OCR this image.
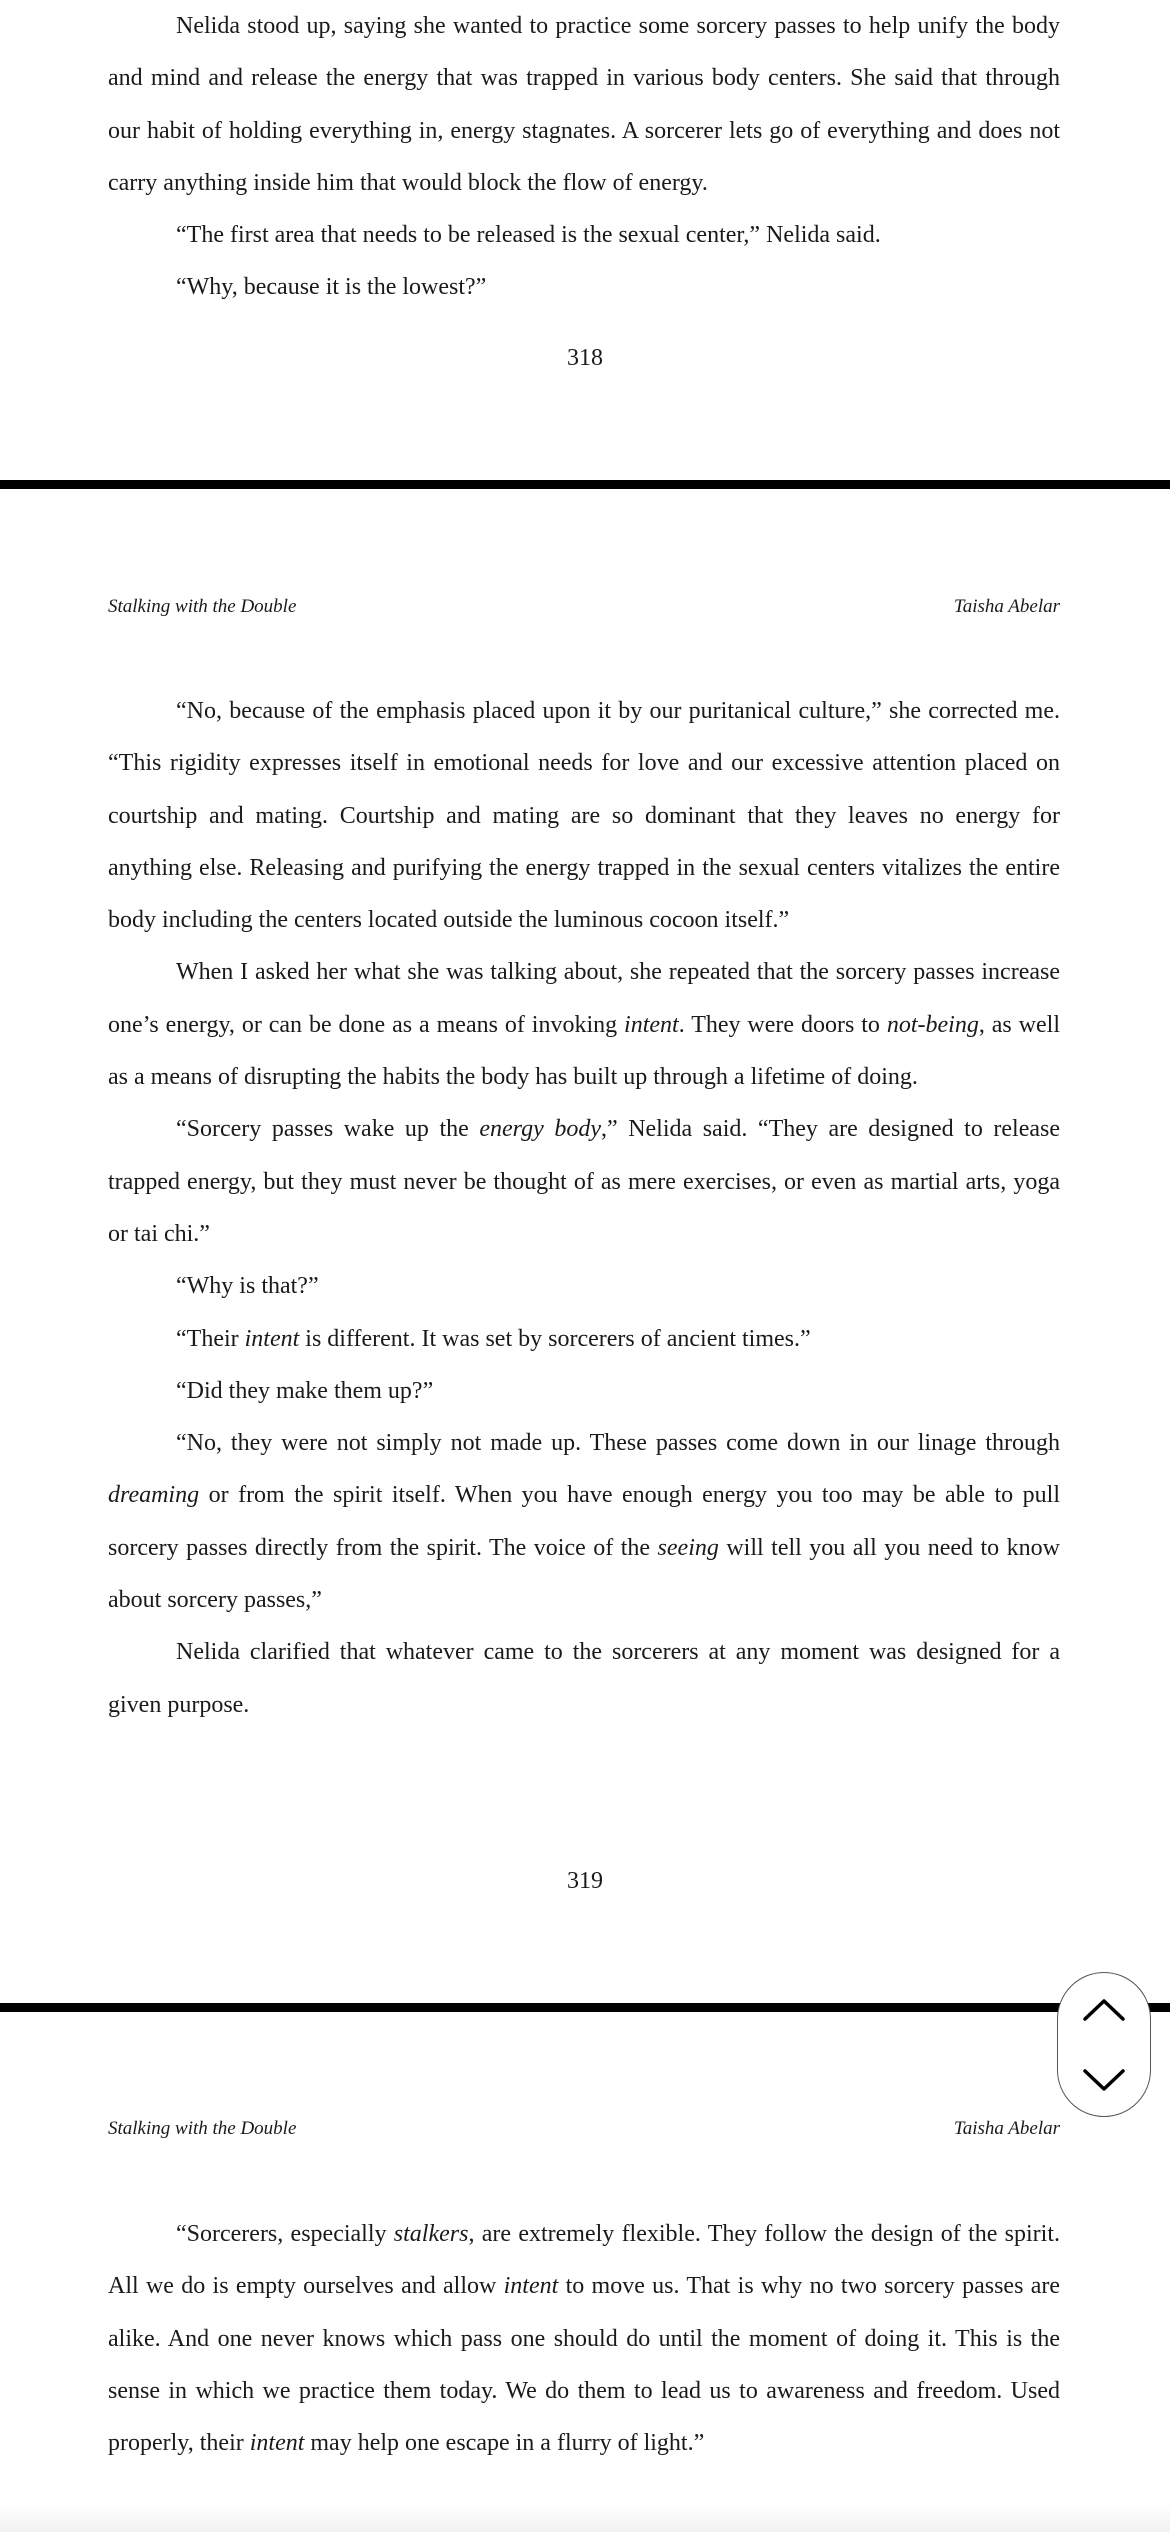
Nelida stood up, saying she wanted to practice some sorcery passes to help unify the body and mind and release the energy that was trapped in various body centers. She said that through our habit of holding everything in, energy stagnates. A sorcerer lets go of everything and does not carry anything inside him that would block the flow of energy.

“The first area that needs to be released is the sexual center,” Nelida said.

“Why, because it is the lowest?”

318
Stalking with the Double	Taisha Abelar

“No, because of the emphasis placed upon it by our puritanical culture,” she corrected me. “This rigidity expresses itself in emotional needs for love and our excessive attention placed on courtship and mating. Courtship and mating are so dominant that they leaves no energy for anything else. Releasing and purifying the energy trapped in the sexual centers vitalizes the entire body including the centers located outside the luminous cocoon itself.”

When I asked her what she was talking about, she repeated that the sorcery passes increase one’s energy, or can be done as a means of invoking intent. They were doors to not-being, as well as a means of disrupting the habits the body has built up through a lifetime of doing.

“Sorcery passes wake up the energy body,” Nelida said. “They are designed to release trapped energy, but they must never be thought of as mere exercises, or even as martial arts, yoga or tai chi.”

“Why is that?”

“Their intent is different. It was set by sorcerers of ancient times.”

“Did they make them up?”

“No, they were not simply not made up. These passes come down in our linage through dreaming or from the spirit itself. When you have enough energy you too may be able to pull sorcery passes directly from the spirit. The voice of the seeing will tell you all you need to know about sorcery passes,”

Nelida clarified that whatever came to the sorcerers at any moment was designed for a given purpose.

319
Stalking with the Double	Taisha Abelar

“Sorcerers, especially stalkers, are extremely flexible. They follow the design of the spirit. All we do is empty ourselves and allow intent to move us. That is why no two sorcery passes are alike. And one never knows which pass one should do until the moment of doing it. This is the sense in which we practice them today. We do them to lead us to awareness and freedom. Used properly, their intent may help one escape in a flurry of light.”
